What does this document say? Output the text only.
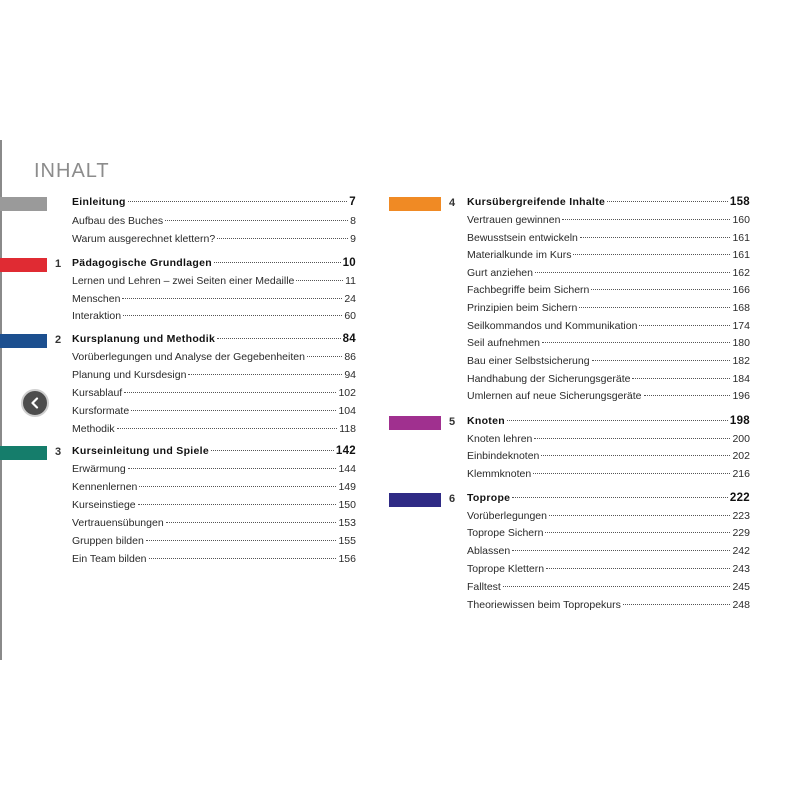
INHALT
Einleitung	7
Aufbau des Buches	8
Warum ausgerechnet klettern?	9
1	Pädagogische Grundlagen	10
Lernen und Lehren – zwei Seiten einer Medaille	11
Menschen	24
Interaktion	60
2	Kursplanung und Methodik	84
Vorüberlegungen und Analyse der Gegebenheiten	86
Planung und Kursdesign	94
Kursablauf	102
Kursformate	104
Methodik	118
3	Kurseinleitung und Spiele	142
Erwärmung	144
Kennenlernen	149
Kurseinstiege	150
Vertrauensübungen	153
Gruppen bilden	155
Ein Team bilden	156
4	Kursübergreifende Inhalte	158
Vertrauen gewinnen	160
Bewusstsein entwickeln	161
Materialkunde im Kurs	161
Gurt anziehen	162
Fachbegriffe beim Sichern	166
Prinzipien beim Sichern	168
Seilkommandos und Kommunikation	174
Seil aufnehmen	180
Bau einer Selbstsicherung	182
Handhabung der Sicherungsgeräte	184
Umlernen auf neue Sicherungsgeräte	196
5	Knoten	198
Knoten lehren	200
Einbindeknoten	202
Klemmknoten	216
6	Toprope	222
Vorüberlegungen	223
Toprope Sichern	229
Ablassen	242
Toprope Klettern	243
Falltest	245
Theoriewissen beim Topropekurs	248
